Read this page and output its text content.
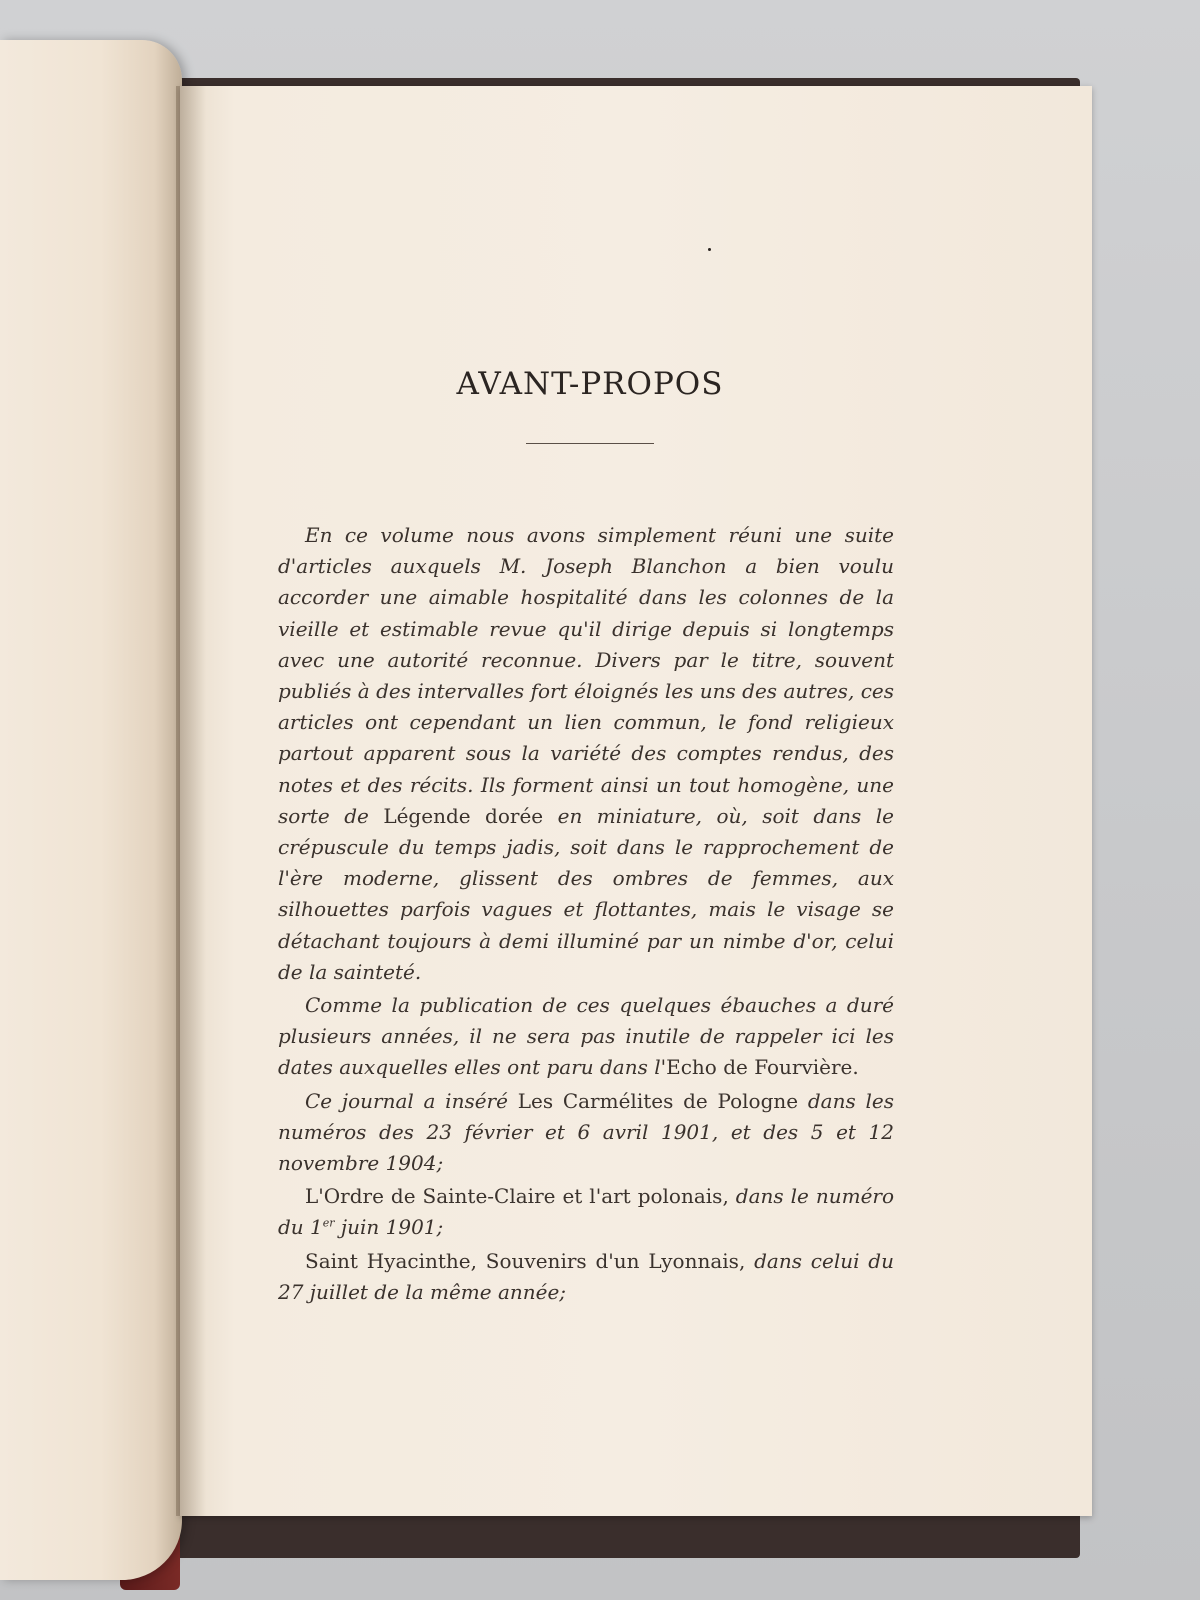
AVANT-PROPOS

En ce volume nous avons simplement réuni une suite d'articles auxquels M. Joseph Blanchon a bien voulu accorder une aimable hospitalité dans les colonnes de la vieille et estimable revue qu'il dirige depuis si longtemps avec une autorité reconnue. Divers par le titre, souvent publiés à des intervalles fort éloignés les uns des autres, ces articles ont cependant un lien commun, le fond religieux partout apparent sous la variété des comptes rendus, des notes et des récits. Ils forment ainsi un tout homogène, une sorte de Légende dorée en miniature, où, soit dans le crépuscule du temps jadis, soit dans le rapprochement de l'ère moderne, glissent des ombres de femmes, aux silhouettes parfois vagues et flottantes, mais le visage se détachant toujours à demi illuminé par un nimbe d'or, celui de la sainteté.

Comme la publication de ces quelques ébauches a duré plusieurs années, il ne sera pas inutile de rappeler ici les dates auxquelles elles ont paru dans l'Echo de Fourvière.

Ce journal a inséré Les Carmélites de Pologne dans les numéros des 23 février et 6 avril 1901, et des 5 et 12 novembre 1904;

L'Ordre de Sainte-Claire et l'art polonais, dans le numéro du 1er juin 1901;

Saint Hyacinthe, Souvenirs d'un Lyonnais, dans celui du 27 juillet de la même année;
